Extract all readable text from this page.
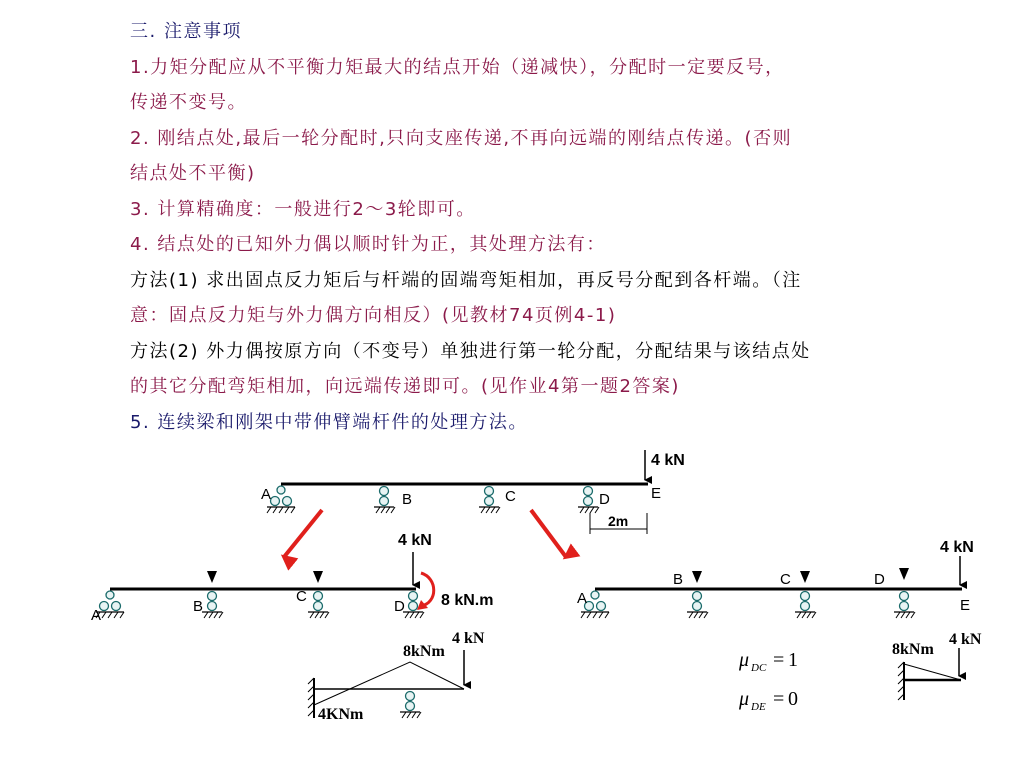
三. 注意事项
1.力矩分配应从不平衡力矩最大的结点开始（递减快），分配时一定要反号，
传递不变号。
2. 刚结点处,最后一轮分配时,只向支座传递,不再向远端的刚结点传递。(否则
结点处不平衡)
3. 计算精确度：一般进行2～3轮即可。
4. 结点处的已知外力偶以顺时针为正，其处理方法有：
方法(1) 求出固点反力矩后与杆端的固端弯矩相加，再反号分配到各杆端。（注
意：固点反力矩与外力偶方向相反）(见教材74页例4-1)
方法(2) 外力偶按原方向（不变号）单独进行第一轮分配，分配结果与该结点处
的其它分配弯矩相加，向远端传递即可。(见作业4第一题2答案)
5. 连续梁和刚架中带伸臂端杆件的处理方法。
4 kN
A	B	C	D	E
2m
4 kN
8 kN.m
A
B
C
D
4 kN
A
B	C	D
E
8kNm
4 kN
4KNm
μ DC = 1
μ DE = 0
8kNm
4 kN
